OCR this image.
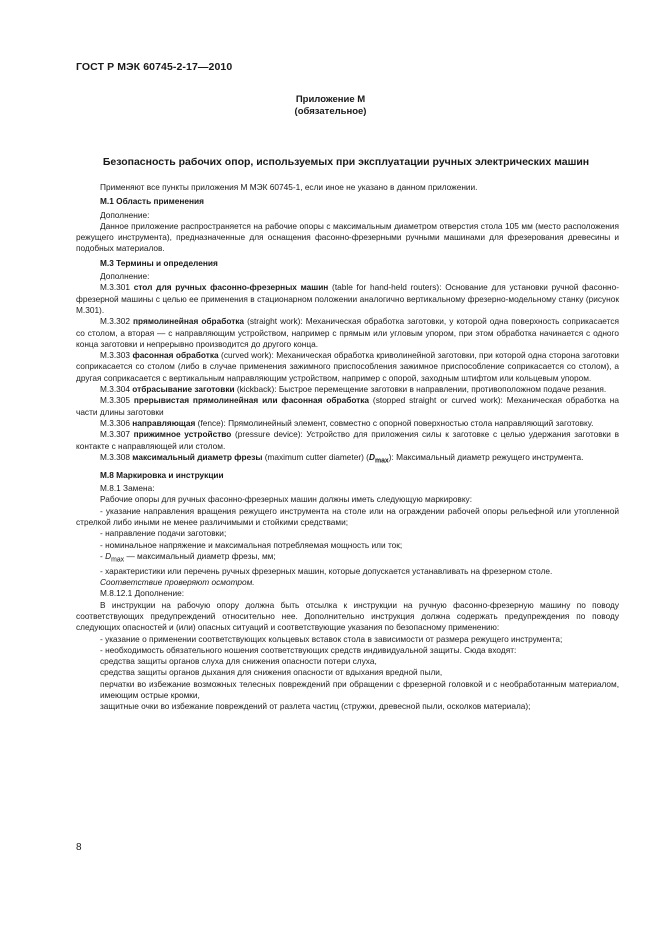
ГОСТ Р МЭК 60745-2-17—2010
Приложение M
(обязательное)
Безопасность рабочих опор, используемых при эксплуатации ручных электрических машин

Применяют все пункты приложения M МЭК 60745-1, если иное не указано в данном приложении.

M.1 Область применения

Дополнение:

Данное приложение распространяется на рабочие опоры с максимальным диаметром отверстия стола 105 мм (место расположения режущего инструмента), предназначенные для оснащения фасонно-фрезерными ручными машинами для фрезерования древесины и подобных материалов.

M.3 Термины и определения

Дополнение:

M.3.301 стол для ручных фасонно-фрезерных машин (table for hand-held routers): Основание для установки ручной фасонно-фрезерной машины с целью ее применения в стационарном положении аналогично вертикальному фрезерно-модельному станку (рисунок M.301).

M.3.302 прямолинейная обработка (straight work): Механическая обработка заготовки, у которой одна поверхность соприкасается со столом, а вторая — с направляющим устройством, например с прямым или угловым упором, при этом обработка начинается с одного конца заготовки и непрерывно производится до другого конца.

M.3.303 фасонная обработка (curved work): Механическая обработка криволинейной заготовки, при которой одна сторона заготовки соприкасается со столом (либо в случае применения зажимного приспособления зажимное приспособление соприкасается со столом), а другая соприкасается с вертикальным направляющим устройством, например с опорой, заходным штифтом или кольцевым упором.

M.3.304 отбрасывание заготовки (kickback): Быстрое перемещение заготовки в направлении, противоположном подаче резания.

M.3.305 прерывистая прямолинейная или фасонная обработка (stopped straight or curved work): Механическая обработка на части длины заготовки

M.3.306 направляющая (fence): Прямолинейный элемент, совместно с опорной поверхностью стола направляющий заготовку.

M.3.307 прижимное устройство (pressure device): Устройство для приложения силы к заготовке с целью удержания заготовки в контакте с направляющей или столом.

M.3.308 максимальный диаметр фрезы (maximum cutter diameter) $(D_{max})$: Максимальный диаметр режущего инструмента.

M.8 Маркировка и инструкции

M.8.1 Замена:

Рабочие опоры для ручных фасонно-фрезерных машин должны иметь следующую маркировку:

- указание направления вращения режущего инструмента на столе или на ограждении рабочей опоры рельефной или утопленной стрелкой либо иными не менее различимыми и стойкими средствами;

- направление подачи заготовки;

- номинальное напряжение и максимальная потребляемая мощность или ток;

- $D_{max}$ — максимальный диаметр фрезы, мм;

- характеристики или перечень ручных фрезерных машин, которые допускается устанавливать на фрезерном столе.

Соответствие проверяют осмотром.

M.8.12.1 Дополнение:

В инструкции на рабочую опору должна быть отсылка к инструкции на ручную фасонно-фрезерную машину по поводу соответствующих предупреждений относительно нее. Дополнительно инструкция должна содержать предупреждения по поводу следующих опасностей и (или) опасных ситуаций и соответствующие указания по безопасному применению:

- указание о применении соответствующих кольцевых вставок стола в зависимости от размера режущего инструмента;

- необходимость обязательного ношения соответствующих средств индивидуальной защиты. Сюда входят:

средства защиты органов слуха для снижения опасности потери слуха,

средства защиты органов дыхания для снижения опасности от вдыхания вредной пыли,

перчатки во избежание возможных телесных повреждений при обращении с фрезерной головкой и с необработанным материалом, имеющим острые кромки,

защитные очки во избежание повреждений от разлета частиц (стружки, древесной пыли, осколков материала);

8
